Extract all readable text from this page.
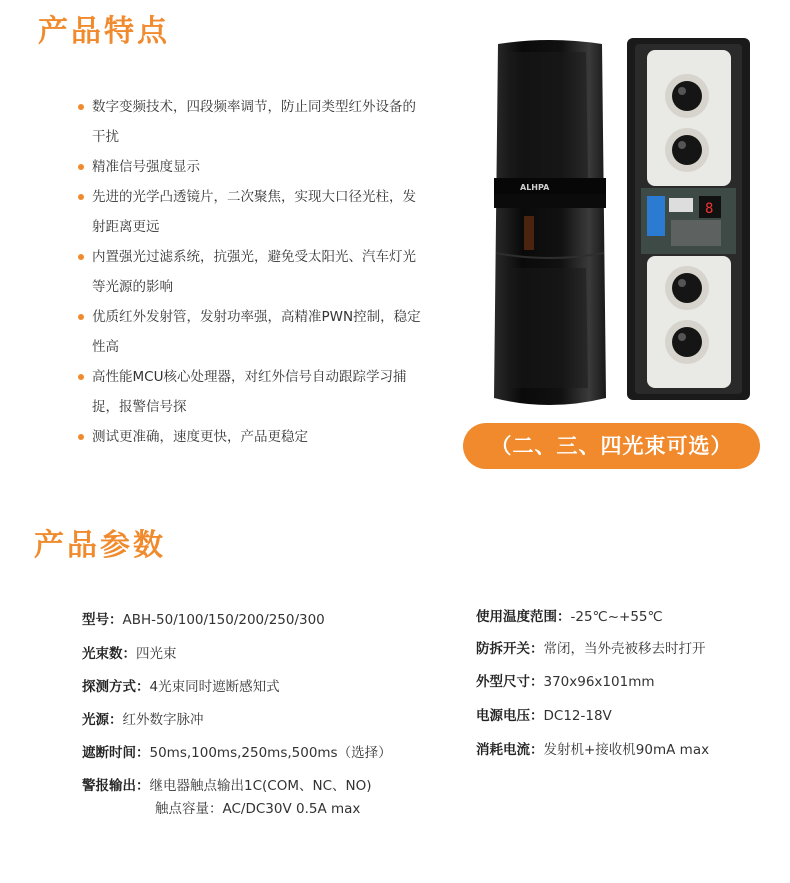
产品特点
数字变频技术，四段频率调节，防止同类型红外设备的干扰
精准信号强度显示
先进的光学凸透镜片，二次聚焦，实现大口径光柱，发射距离更远
内置强光过滤系统，抗强光，避免受太阳光、汽车灯光等光源的影响
优质红外发射管，发射功率强，高精准PWN控制，稳定性高
高性能MCU核心处理器，对红外信号自动跟踪学习捕捉，报警信号探
测试更准确，速度更快，产品更稳定
ALHPA
8
（二、三、四光束可选）
产品参数
型号：ABH-50/100/150/200/250/300
光束数：四光束
探测方式：4光束同时遮断感知式
光源：红外数字脉冲
遮断时间：50ms,100ms,250ms,500ms（选择）
警报输出：继电器触点输出1C(COM、NC、NO)
触点容量：AC/DC30V 0.5A max
使用温度范围：-25℃~+55℃
防拆开关：常闭，当外壳被移去时打开
外型尺寸：370x96x101mm
电源电压：DC12-18V
消耗电流：发射机+接收机90mA max
